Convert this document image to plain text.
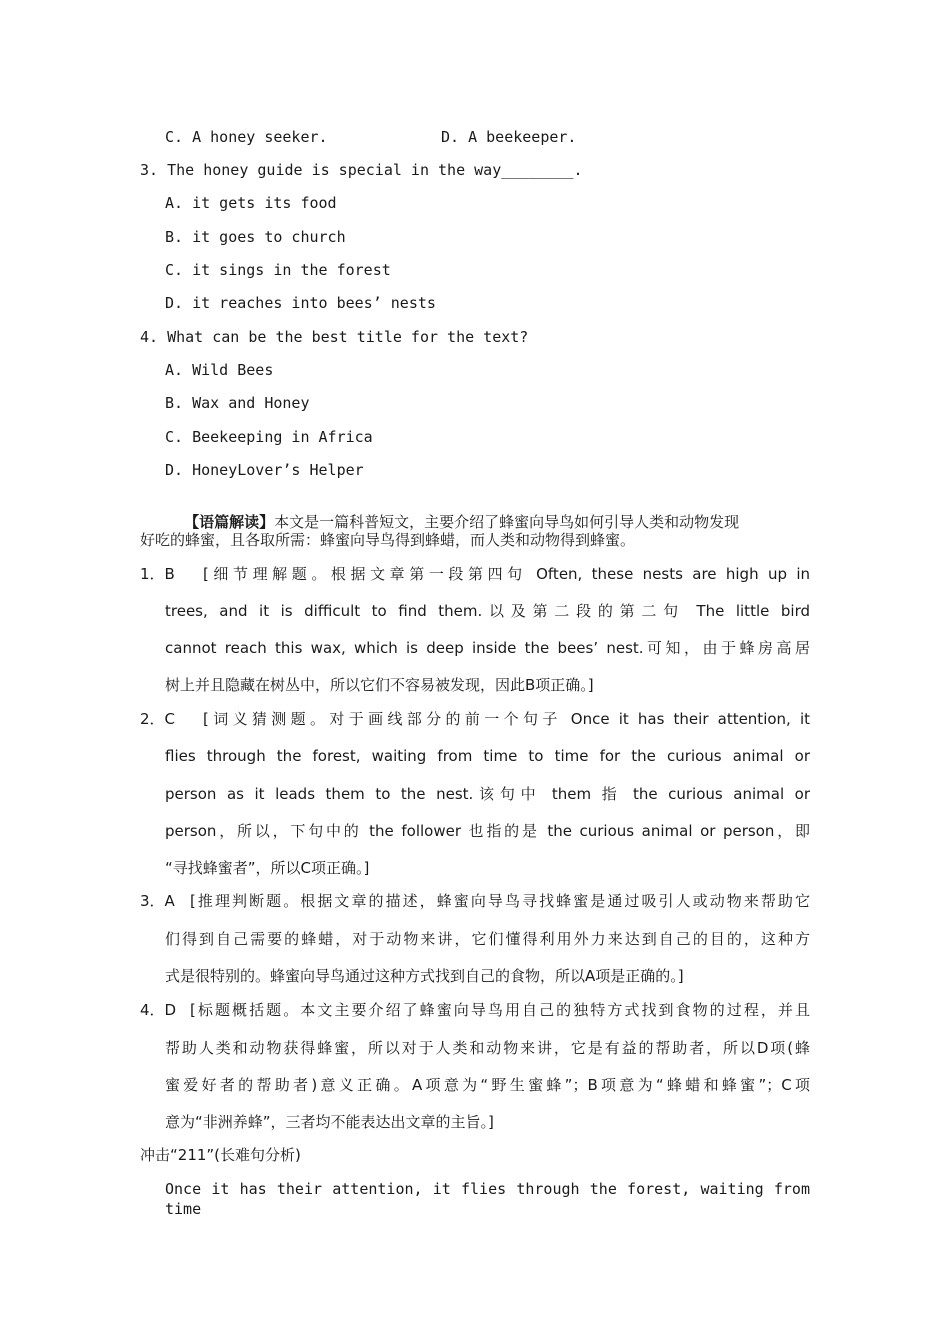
C. A honey seeker.	D. A beekeeper.
3. The honey guide is special in the way________.
A. it gets its food
B. it goes to church
C. it sings in the forest
D. it reaches into bees’ nests
4. What can be the best title for the text?
A. Wild Bees
B. Wax and Honey
C. Beekeeping in Africa
D. HoneyLover’s Helper

【语篇解读】本文是一篇科普短文，主要介绍了蜂蜜向导鸟如何引导人类和动物发现

好吃的蜂蜜，且各取所需：蜂蜜向导鸟得到蜂蜡，而人类和动物得到蜂蜜。
1．B [细节理解题。根据文章第一段第四句 Often, these nests are high up in
trees, and it is difficult to find them.以及第二段的第二句 The little bird
cannot reach this wax, which is deep inside the bees’ nest.可知，由于蜂房高居
树上并且隐藏在树丛中，所以它们不容易被发现，因此B项正确。]
2．C [词义猜测题。对于画线部分的前一个句子 Once it has their attention, it
flies through the forest, waiting from time to time for the curious animal or
person as it leads them to the nest.该句中 them 指 the curious animal or
person，所以，下句中的 the follower 也指的是 the curious animal or person，即
“寻找蜂蜜者”，所以C项正确。]
3．A [推理判断题。根据文章的描述，蜂蜜向导鸟寻找蜂蜜是通过吸引人或动物来帮助它
们得到自己需要的蜂蜡，对于动物来讲，它们懂得利用外力来达到自己的目的，这种方
式是很特别的。蜂蜜向导鸟通过这种方式找到自己的食物，所以A项是正确的。]
4．D [标题概括题。本文主要介绍了蜂蜜向导鸟用自己的独特方式找到食物的过程，并且
帮助人类和动物获得蜂蜜，所以对于人类和动物来讲，它是有益的帮助者，所以D项(蜂
蜜爱好者的帮助者)意义正确。A项意为“野生蜜蜂”；B项意为“蜂蜡和蜂蜜”；C项
意为“非洲养蜂”，三者均不能表达出文章的主旨。]
冲击“211”(长难句分析)
Once it has their attention, it flies through the forest, waiting from time
